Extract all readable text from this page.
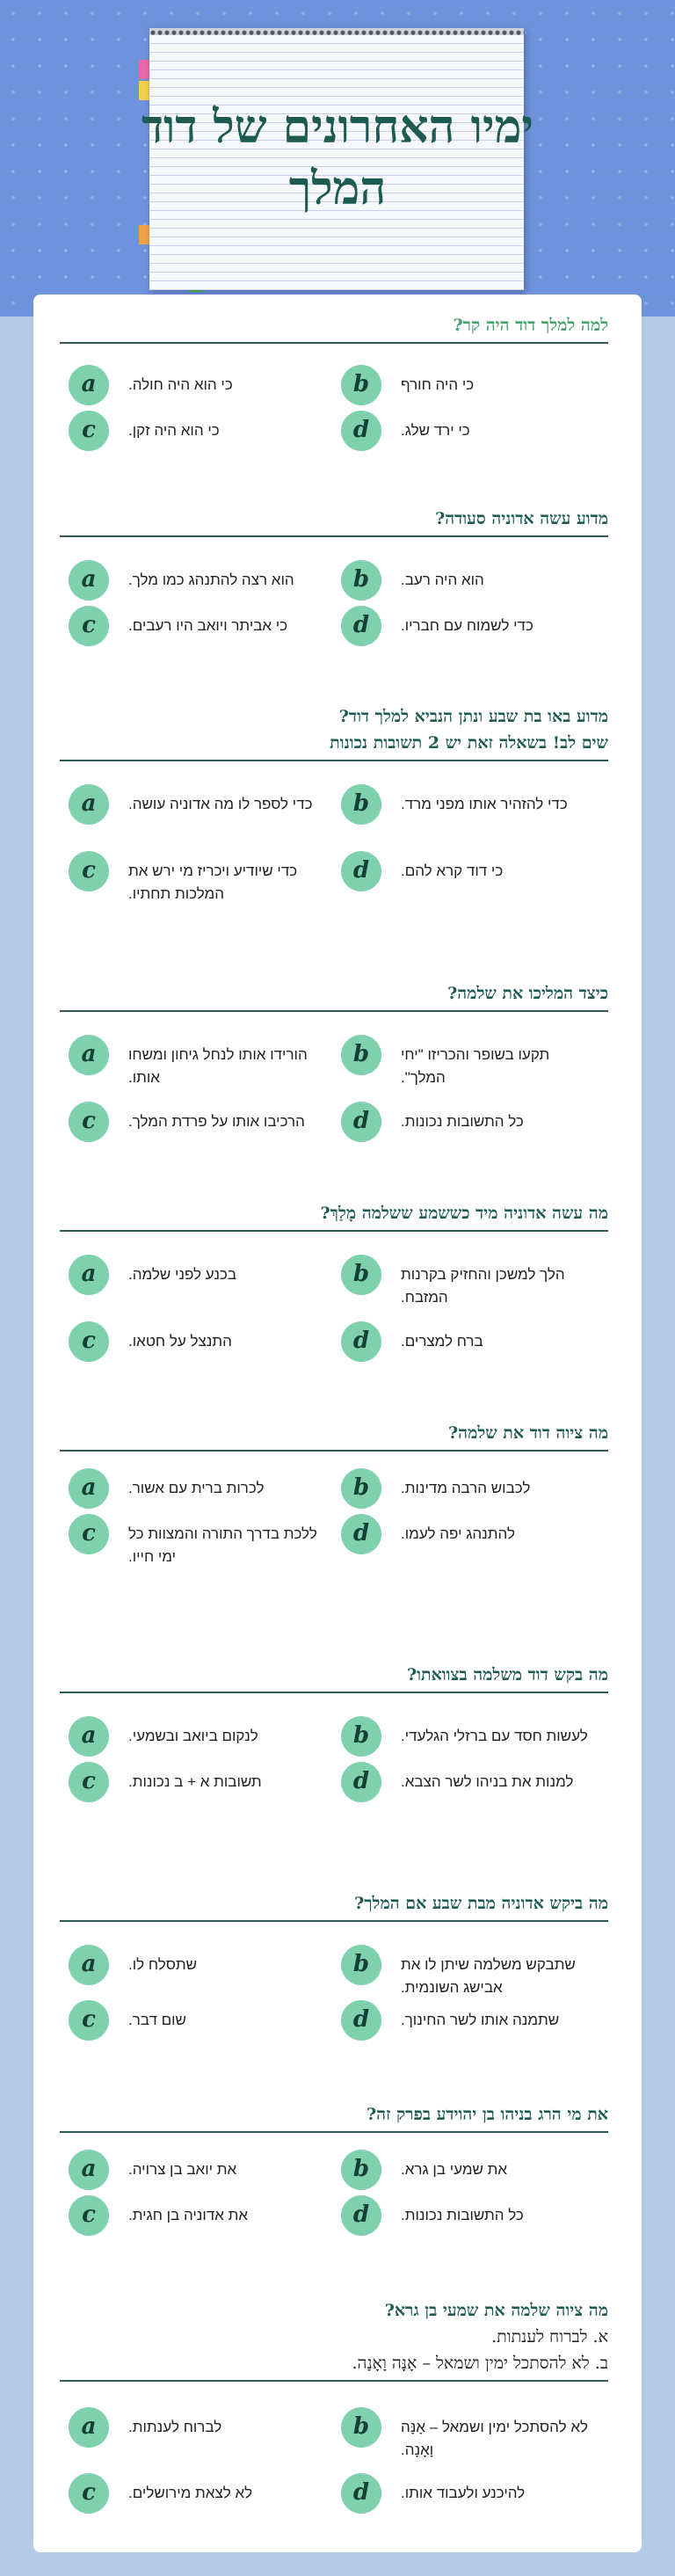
ימיו האחרונים של דוד המלך
למה למלך דוד היה קר?
a	כי הוא היה חולה.	b	כי היה חורף
c	כי הוא היה זקן.	d	כי ירד שלג.
מדוע עשה אדוניה סעודה?
a	הוא רצה להתנהג כמו מלך.	b	הוא היה רעב.
c	כי אביתר ויואב היו רעבים.	d	כדי לשמוח עם חבריו.
מדוע באו בת שבע ונתן הנביא למלך דוד?
שים לב! בשאלה זאת יש 2 תשובות נכונות
a	כדי לספר לו מה אדוניה עושה.	b	כדי להזהיר אותו מפני מרד.
c	כדי שיודיע ויכריז מי ירש את המלכות תחתיו.
d	כי דוד קרא להם.
כיצד המליכו את שלמה?
a	הורידו אותו לנחל גיחון ומשחו אותו.
b	תקעו בשופר והכריזו "יחי המלך".
c	הרכיבו אותו על פרדת המלך.	d	כל התשובות נכונות.
מה עשה אדוניה מיד כששמע ששלמה מָלַךְ?
a	בכנע לפני שלמה.	b	הלך למשכן והחזיק בקרנות המזבח.
c	התנצל על חטאו.	d	ברח למצרים.
מה ציוה דוד את שלמה?
a	לכרות ברית עם אשור.	b	לכבוש הרבה מדינות.
c	ללכת בדרך התורה והמצוות כל ימי חייו.
d	להתנהג יפה לעמו.
מה בקש דוד משלמה בצוואתו?
a	לנקום ביואב ובשמעי.	b	לעשות חסד עם ברזלי הגלעדי.
c	תשובות א + ב נכונות.	d	למנות את בניהו לשר הצבא.
מה ביקש אדוניה מבת שבע אם המלך?
a	שתסלח לו.	b	שתבקש משלמה שיתן לו את אבישג השונמית.
c	שום דבר.	d	שתמנה אותו לשר החינוך.
את מי הרג בניהו בן יהוידע בפרק זה?
a	את יואב בן צרויה.	b	את שמעי בן גרא.
c	את אדוניה בן חגית.	d	כל התשובות נכונות.
מה ציוה שלמה את שמעי בן גרא?
א. לברוח לענתות.
ב. לא להסתכל ימין ושמאל – אָנָּה וָאָנָה.
a	לברוח לענתות.	b	לא להסתכל ימין ושמאל – אָנָּה וָאָנָה.
c	לא לצאת מירושלים.	d	להיכנע ולעבוד אותו.
